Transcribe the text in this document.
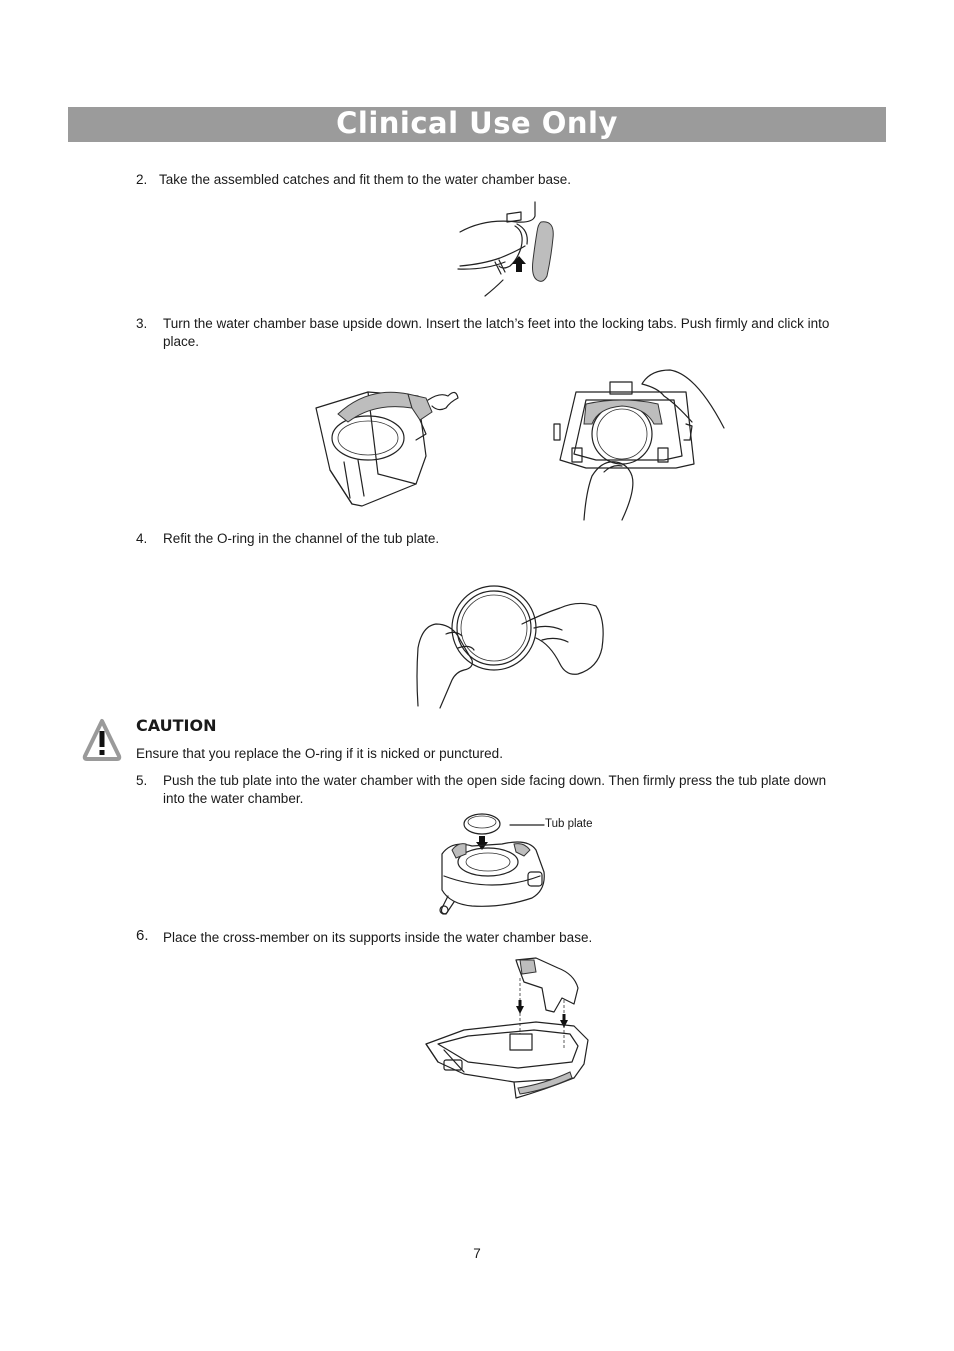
Clinical Use Only
2. Take the assembled catches and fit them to the water chamber base.
3. Turn the water chamber base upside down. Insert the latch’s feet into the locking tabs. Push firmly and click into
place.
4. Refit the O-ring in the channel of the tub plate.
CAUTION
Ensure that you replace the O-ring if it is nicked or punctured.
5. Push the tub plate into the water chamber with the open side facing down. Then firmly press the tub plate down
into the water chamber.
Tub plate
6. Place the cross-member on its supports inside the water chamber base.
7
